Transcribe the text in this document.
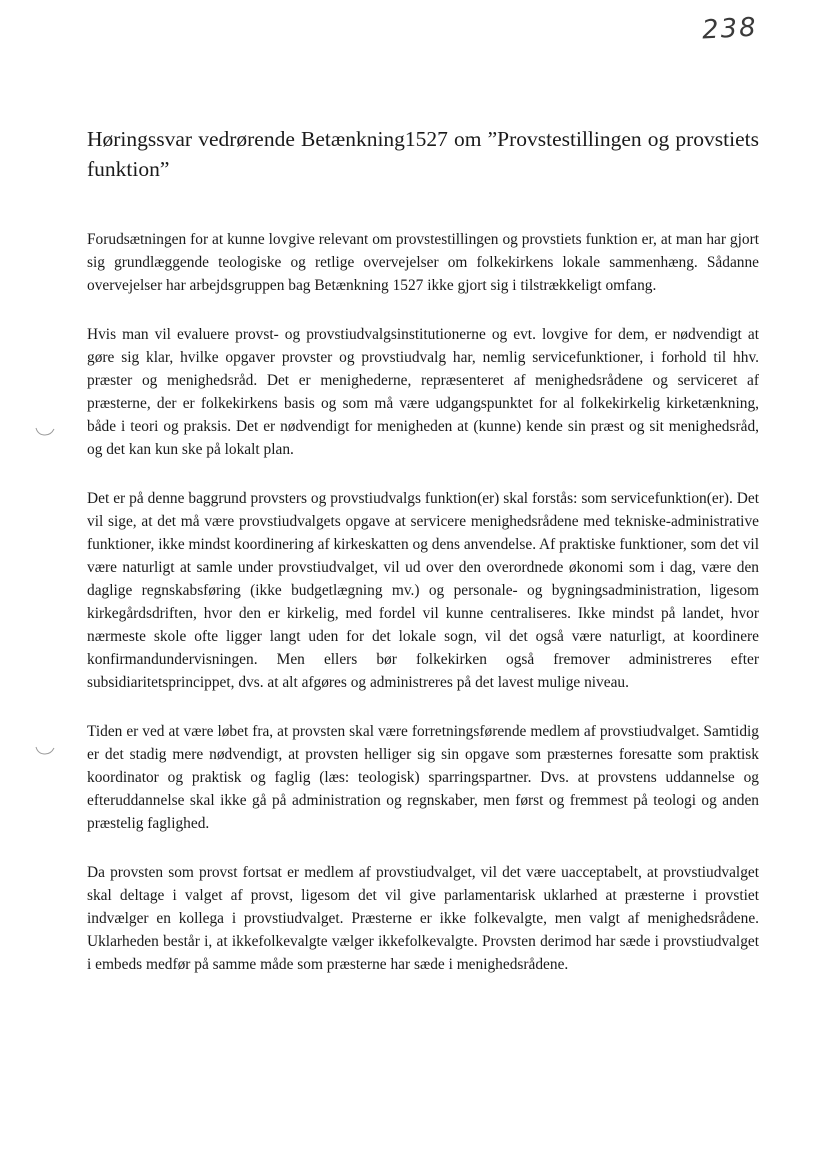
238
Høringssvar vedrørende Betænkning1527 om ”Provstestillingen og provstiets funktion”

Forudsætningen for at kunne lovgive relevant om provstestillingen og provstiets funktion er, at man har gjort sig grundlæggende teologiske og retlige overvejelser om folkekirkens lokale sammenhæng. Sådanne overvejelser har arbejdsgruppen bag Betænkning 1527 ikke gjort sig i tilstrækkeligt omfang.

Hvis man vil evaluere provst- og provstiudvalgsinstitutionerne og evt. lovgive for dem, er nødvendigt at gøre sig klar, hvilke opgaver provster og provstiudvalg har, nemlig servicefunktioner, i forhold til hhv. præster og menighedsråd. Det er menighederne, repræsenteret af menighedsrådene og serviceret af præsterne, der er folkekirkens basis og som må være udgangspunktet for al folkekirkelig kirketænkning, både i teori og praksis. Det er nødvendigt for menigheden at (kunne) kende sin præst og sit menighedsråd, og det kan kun ske på lokalt plan.

Det er på denne baggrund provsters og provstiudvalgs funktion(er) skal forstås: som servicefunktion(er). Det vil sige, at det må være provstiudvalgets opgave at servicere menighedsrådene med tekniske-administrative funktioner, ikke mindst koordinering af kirkeskatten og dens anvendelse. Af praktiske funktioner, som det vil være naturligt at samle under provstiudvalget, vil ud over den overordnede økonomi som i dag, være den daglige regnskabsføring (ikke budgetlægning mv.) og personale- og bygningsadministration, ligesom kirkegårdsdriften, hvor den er kirkelig, med fordel vil kunne centraliseres. Ikke mindst på landet, hvor nærmeste skole ofte ligger langt uden for det lokale sogn, vil det også være naturligt, at koordinere konfirmandundervisningen. Men ellers bør folkekirken også fremover administreres efter subsidiaritetsprincippet, dvs. at alt afgøres og administreres på det lavest mulige niveau.

Tiden er ved at være løbet fra, at provsten skal være forretningsførende medlem af provstiudvalget. Samtidig er det stadig mere nødvendigt, at provsten helliger sig sin opgave som præsternes foresatte som praktisk koordinator og praktisk og faglig (læs: teologisk) sparringspartner. Dvs. at provstens uddannelse og efteruddannelse skal ikke gå på administration og regnskaber, men først og fremmest på teologi og anden præstelig faglighed.

Da provsten som provst fortsat er medlem af provstiudvalget, vil det være uacceptabelt, at provstiudvalget skal deltage i valget af provst, ligesom det vil give parlamentarisk uklarhed at præsterne i provstiet indvælger en kollega i provstiudvalget. Præsterne er ikke folkevalgte, men valgt af menighedsrådene. Uklarheden består i, at ikkefolkevalgte vælger ikkefolkevalgte. Provsten derimod har sæde i provstiudvalget i embeds medfør på samme måde som præsterne har sæde i menighedsrådene.
